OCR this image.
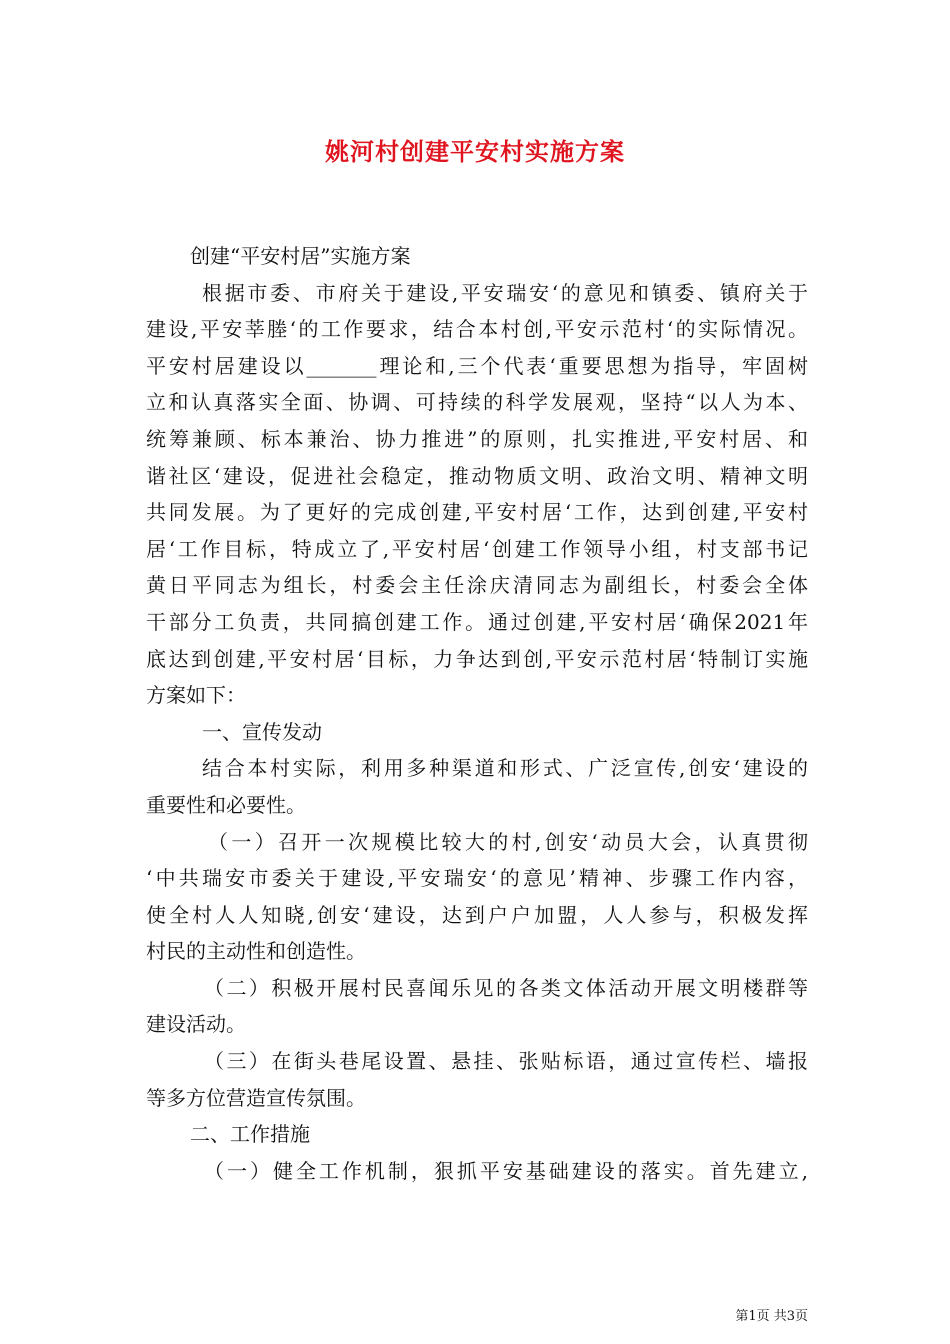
姚河村创建平安村实施方案
创建“平安村居”实施方案
根据市委、市府关于建设,平安瑞安‘的意见和镇委、镇府关于
建设,平安莘塍‘的工作要求，结合本村创,平安示范村‘的实际情况。
平安村居建设以_______理论和,三个代表‘重要思想为指导，牢固树
立和认真落实全面、协调、可持续的科学发展观，坚持“以人为本、
统筹兼顾、标本兼治、协力推进”的原则，扎实推进,平安村居、和
谐社区‘建设，促进社会稳定，推动物质文明、政治文明、精神文明
共同发展。为了更好的完成创建,平安村居‘工作，达到创建,平安村
居‘工作目标，特成立了,平安村居‘创建工作领导小组，村支部书记
黄日平同志为组长，村委会主任涂庆清同志为副组长，村委会全体
干部分工负责，共同搞创建工作。通过创建,平安村居‘确保2021年
底达到创建,平安村居‘目标，力争达到创,平安示范村居‘特制订实施
方案如下：
一、宣传发动
结合本村实际，利用多种渠道和形式、广泛宣传,创安‘建设的
重要性和必要性。
（一）召开一次规模比较大的村,创安‘动员大会，认真贯彻
‘中共瑞安市委关于建设,平安瑞安‘的意见’精神、步骤工作内容，
使全村人人知晓,创安‘建设，达到户户加盟，人人参与，积极发挥
村民的主动性和创造性。
（二）积极开展村民喜闻乐见的各类文体活动开展文明楼群等
建设活动。
（三）在街头巷尾设置、悬挂、张贴标语，通过宣传栏、墙报
等多方位营造宣传氛围。
二、工作措施
（一）健全工作机制，狠抓平安基础建设的落实。首先建立,
第1页 共3页
